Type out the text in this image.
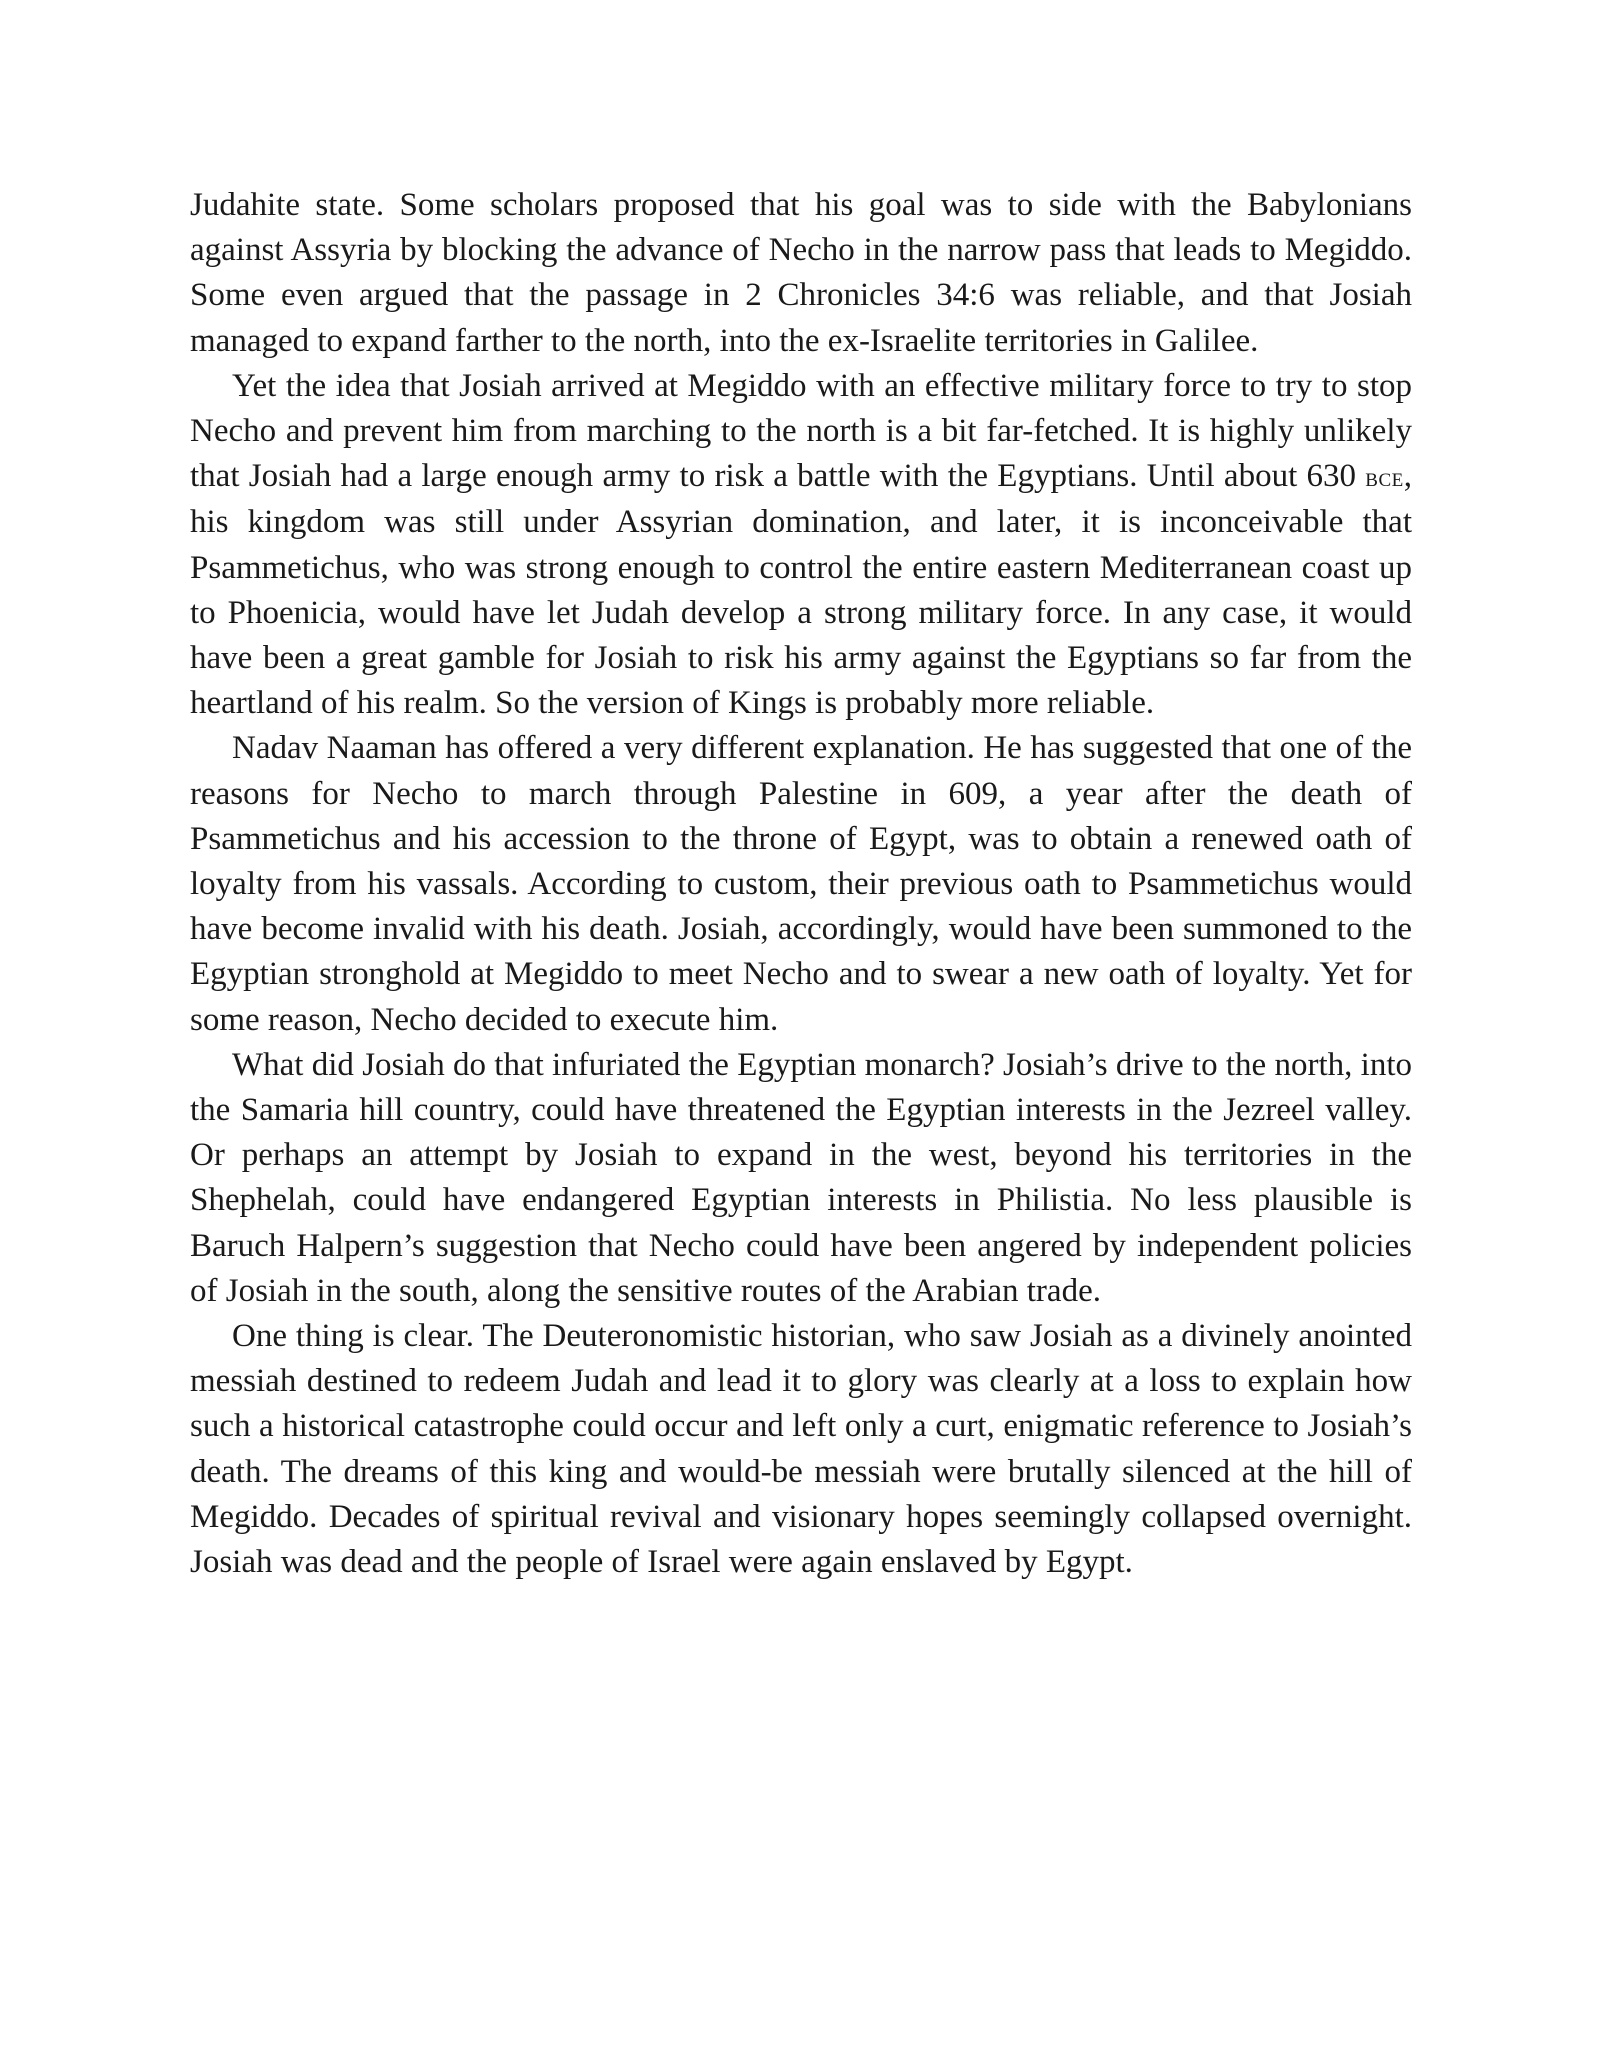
Judahite state. Some scholars proposed that his goal was to side with the Babylonians against Assyria by blocking the advance of Necho in the narrow pass that leads to Megiddo. Some even argued that the passage in 2 Chronicles 34:6 was reliable, and that Josiah managed to expand farther to the north, into the ex-Israelite territories in Galilee.

Yet the idea that Josiah arrived at Megiddo with an effective military force to try to stop Necho and prevent him from marching to the north is a bit far-fetched. It is highly unlikely that Josiah had a large enough army to risk a battle with the Egyptians. Until about 630 bce, his kingdom was still under Assyrian domination, and later, it is inconceivable that Psammetichus, who was strong enough to control the entire eastern Mediterranean coast up to Phoenicia, would have let Judah develop a strong military force. In any case, it would have been a great gamble for Josiah to risk his army against the Egyptians so far from the heartland of his realm. So the version of Kings is probably more reliable.

Nadav Naaman has offered a very different explanation. He has suggested that one of the reasons for Necho to march through Palestine in 609, a year after the death of Psammetichus and his accession to the throne of Egypt, was to obtain a renewed oath of loyalty from his vassals. According to custom, their previous oath to Psammetichus would have become invalid with his death. Josiah, accordingly, would have been summoned to the Egyptian stronghold at Megiddo to meet Necho and to swear a new oath of loyalty. Yet for some reason, Necho decided to execute him.

What did Josiah do that infuriated the Egyptian monarch? Josiah’s drive to the north, into the Samaria hill country, could have threatened the Egyptian interests in the Jezreel valley. Or perhaps an attempt by Josiah to expand in the west, beyond his territories in the Shephelah, could have endangered Egyptian interests in Philistia. No less plausible is Baruch Halpern’s suggestion that Necho could have been angered by independent policies of Josiah in the south, along the sensitive routes of the Arabian trade.

One thing is clear. The Deuteronomistic historian, who saw Josiah as a divinely anointed messiah destined to redeem Judah and lead it to glory was clearly at a loss to explain how such a historical catastrophe could occur and left only a curt, enigmatic reference to Josiah’s death. The dreams of this king and would-be messiah were brutally silenced at the hill of Megiddo. Decades of spiritual revival and visionary hopes seemingly collapsed overnight. Josiah was dead and the people of Israel were again enslaved by Egypt.
